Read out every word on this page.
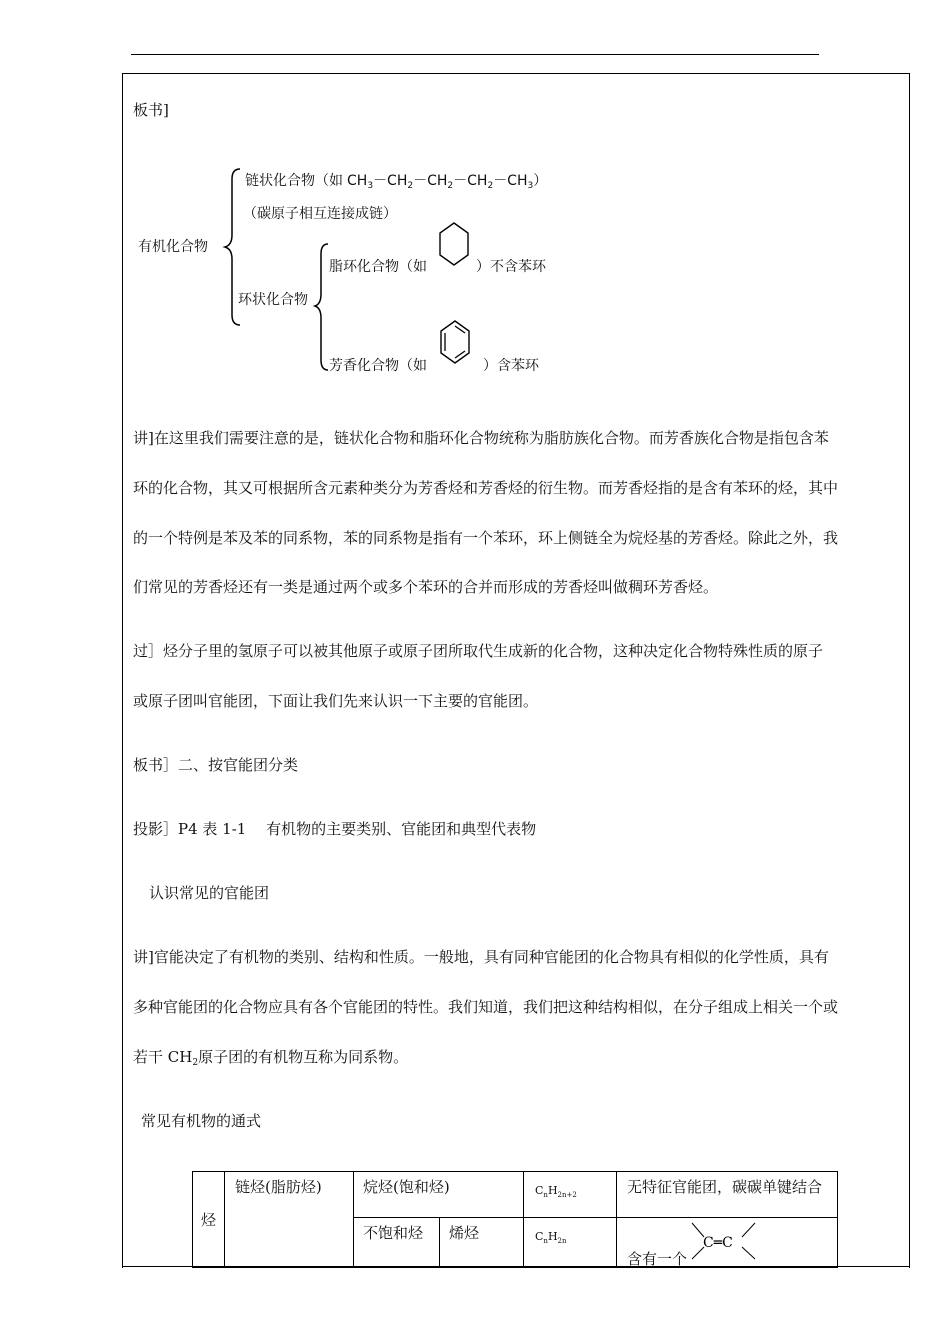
板书]
有机化合物
链状化合物（如 $CH_3-CH_2-CH_2-CH_2-CH_3$）
（碳原子相互连接成链）
环状化合物
脂环化合物（如	）不含苯环
芳香化合物（如	）含苯环
讲]在这里我们需要注意的是，链状化合物和脂环化合物统称为脂肪族化合物。而芳香族化合物是指包含苯
环的化合物，其又可根据所含元素种类分为芳香烃和芳香烃的衍生物。而芳香烃指的是含有苯环的烃，其中
的一个特例是苯及苯的同系物，苯的同系物是指有一个苯环，环上侧链全为烷烃基的芳香烃。除此之外，我
们常见的芳香烃还有一类是通过两个或多个苯环的合并而形成的芳香烃叫做稠环芳香烃。
过］烃分子里的氢原子可以被其他原子或原子团所取代生成新的化合物，这种决定化合物特殊性质的原子
或原子团叫官能团，下面让我们先来认识一下主要的官能团。
板书］二、按官能团分类
投影］P4 表 1-1　 有机物的主要类别、官能团和典型代表物
认识常见的官能团
讲]官能决定了有机物的类别、结构和性质。一般地，具有同种官能团的化合物具有相似的化学性质，具有
多种官能团的化合物应具有各个官能团的特性。我们知道，我们把这种结构相似，在分子组成上相关一个或
若干 $CH_2$原子团的有机物互称为同系物。
常见有机物的通式
烃	链烃(脂肪烃)	烷烃(饱和烃)		$C_nH_{2n+2}$	无特征官能团，碳碳单键结合
		不饱和烃	烯烃	$C_nH_{2n}$	含有一个
C═C
